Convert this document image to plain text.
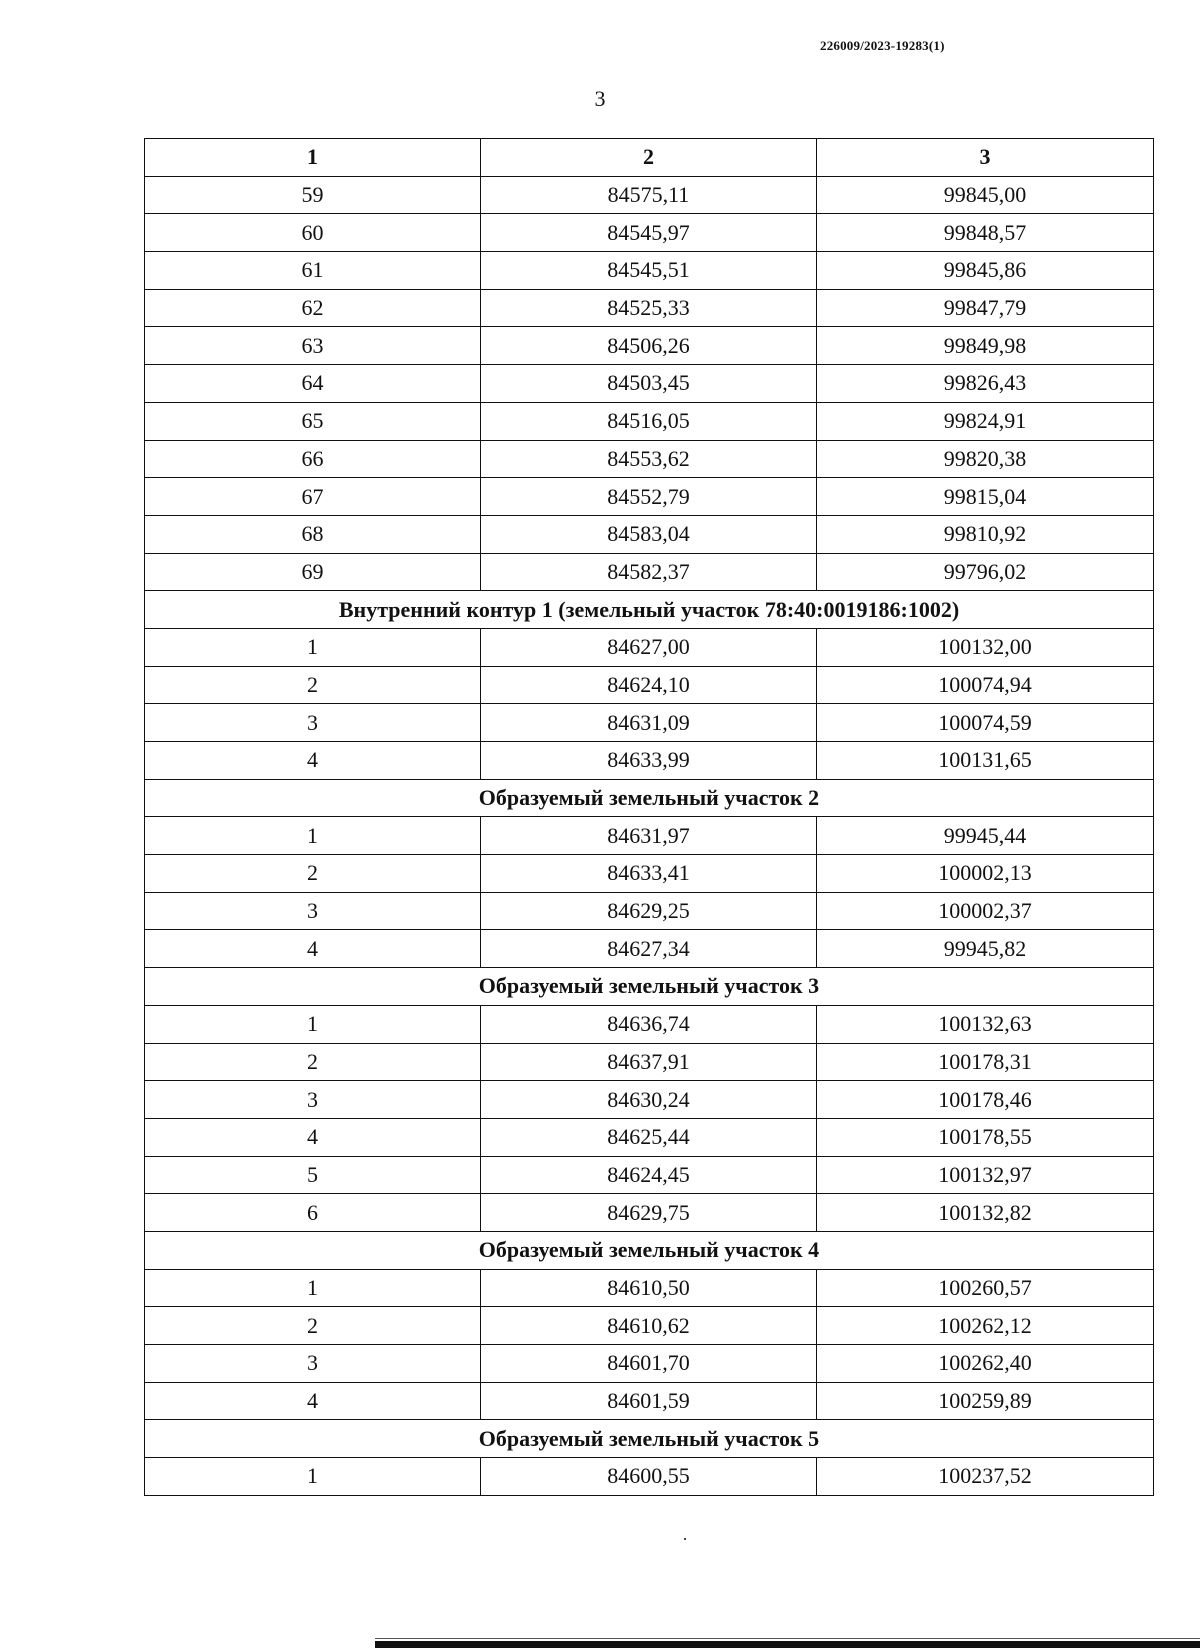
226009/2023-19283(1)
3
1	2	3
59	84575,11	99845,00
60	84545,97	99848,57
61	84545,51	99845,86
62	84525,33	99847,79
63	84506,26	99849,98
64	84503,45	99826,43
65	84516,05	99824,91
66	84553,62	99820,38
67	84552,79	99815,04
68	84583,04	99810,92
69	84582,37	99796,02
Внутренний контур 1 (земельный участок 78:40:0019186:1002)		
1	84627,00	100132,00
2	84624,10	100074,94
3	84631,09	100074,59
4	84633,99	100131,65
Образуемый земельный участок 2		
1	84631,97	99945,44
2	84633,41	100002,13
3	84629,25	100002,37
4	84627,34	99945,82
Образуемый земельный участок 3		
1	84636,74	100132,63
2	84637,91	100178,31
3	84630,24	100178,46
4	84625,44	100178,55
5	84624,45	100132,97
6	84629,75	100132,82
Образуемый земельный участок 4		
1	84610,50	100260,57
2	84610,62	100262,12
3	84601,70	100262,40
4	84601,59	100259,89
Образуемый земельный участок 5		
1	84600,55	100237,52
